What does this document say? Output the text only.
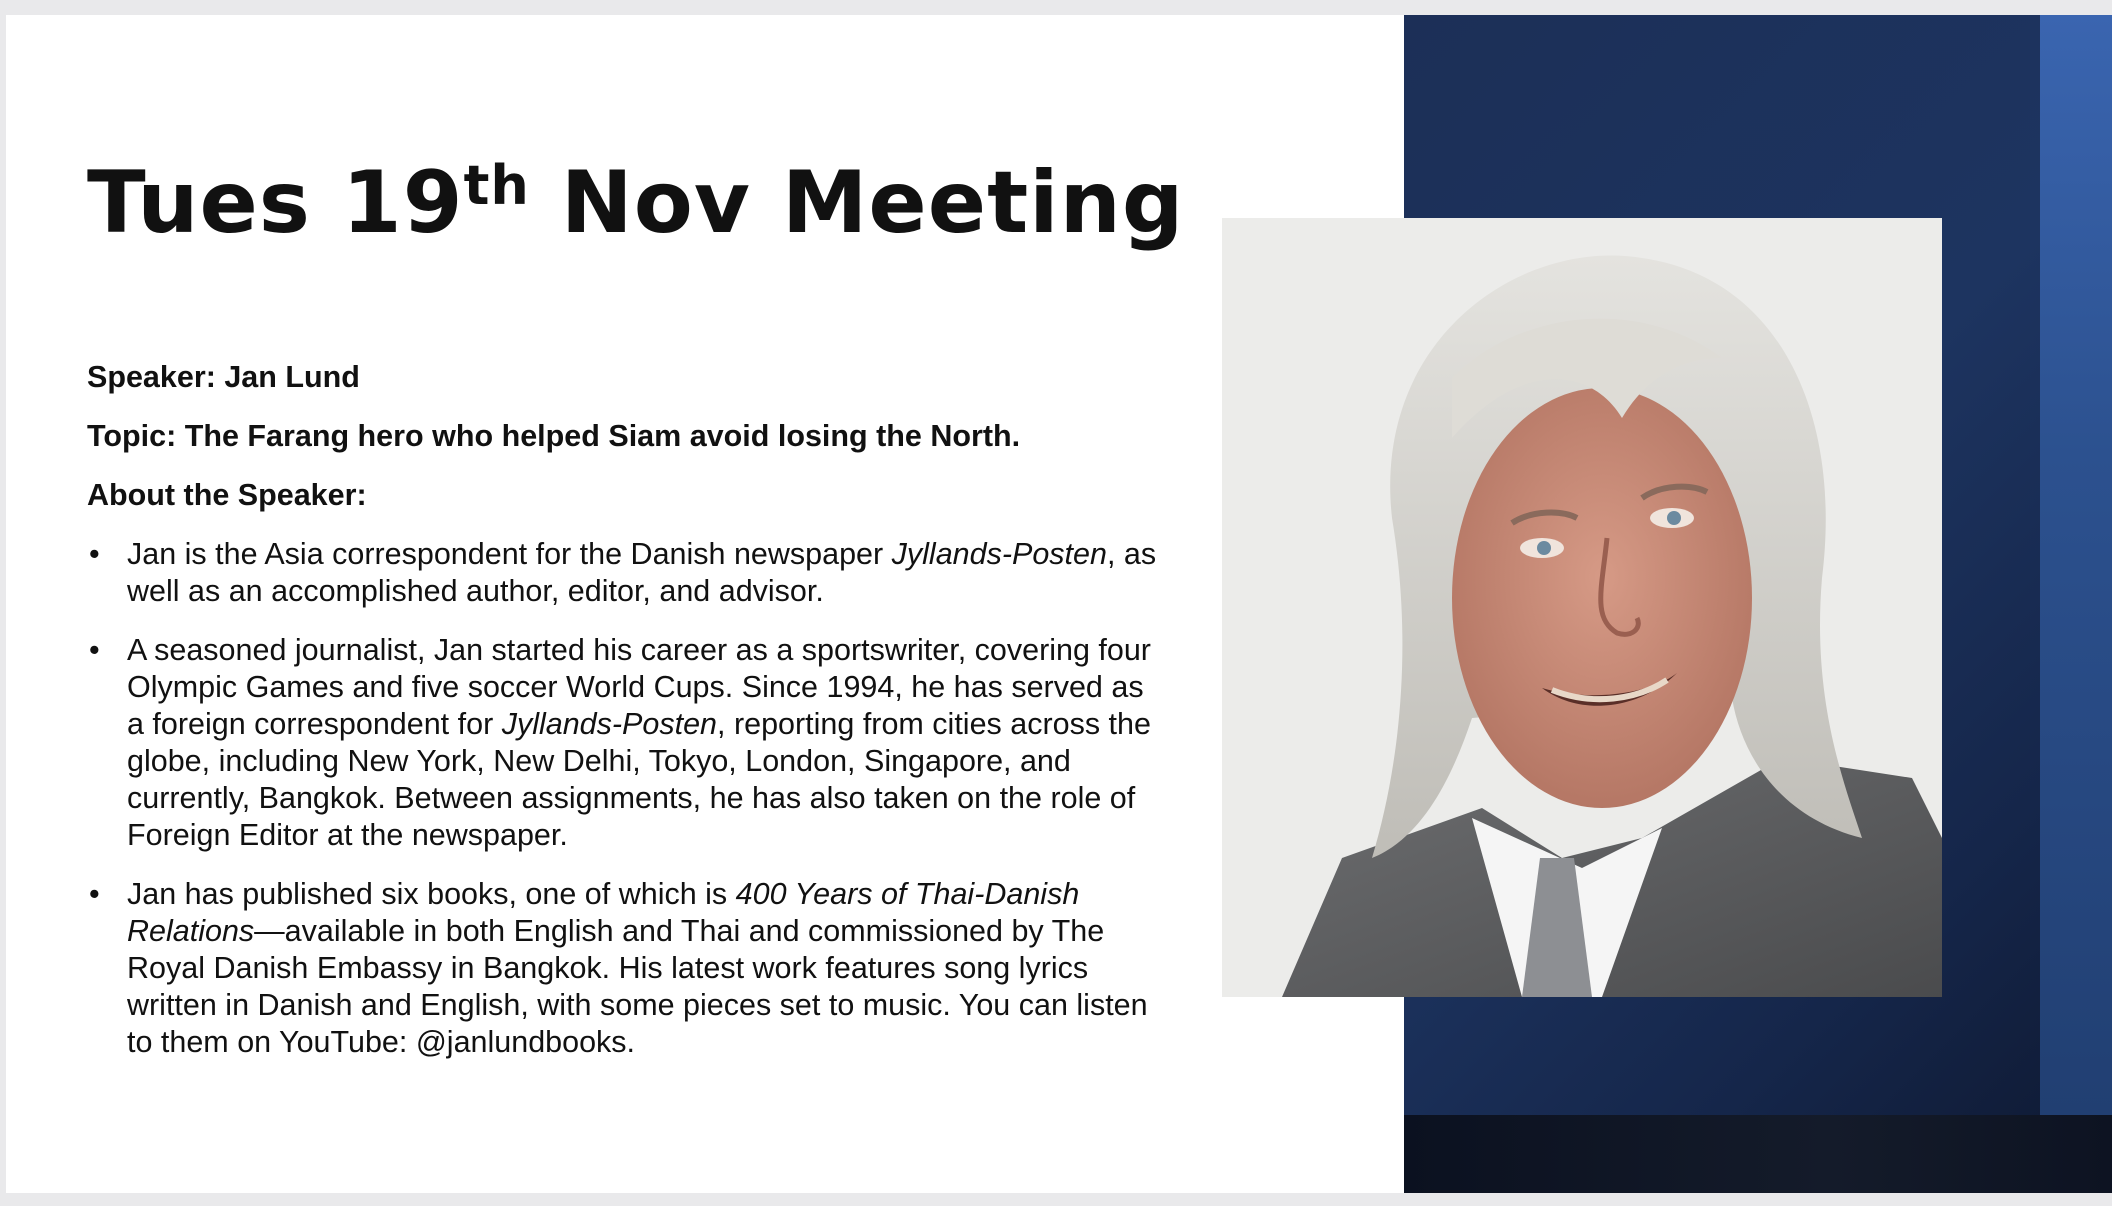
Tues 19th Nov Meeting

Speaker: Jan Lund

Topic: The Farang hero who helped Siam avoid losing the North.

About the Speaker:

• Jan is the Asia correspondent for the Danish newspaper Jyllands-Posten, as well as an accomplished author, editor, and advisor.
• A seasoned journalist, Jan started his career as a sportswriter, covering four Olympic Games and five soccer World Cups. Since 1994, he has served as a foreign correspondent for Jyllands-Posten, reporting from cities across the globe, including New York, New Delhi, Tokyo, London, Singapore, and currently, Bangkok. Between assignments, he has also taken on the role of Foreign Editor at the newspaper.
• Jan has published six books, one of which is 400 Years of Thai-Danish Relations—available in both English and Thai and commissioned by The Royal Danish Embassy in Bangkok. His latest work features song lyrics written in Danish and English, with some pieces set to music. You can listen to them on YouTube: @janlundbooks.
